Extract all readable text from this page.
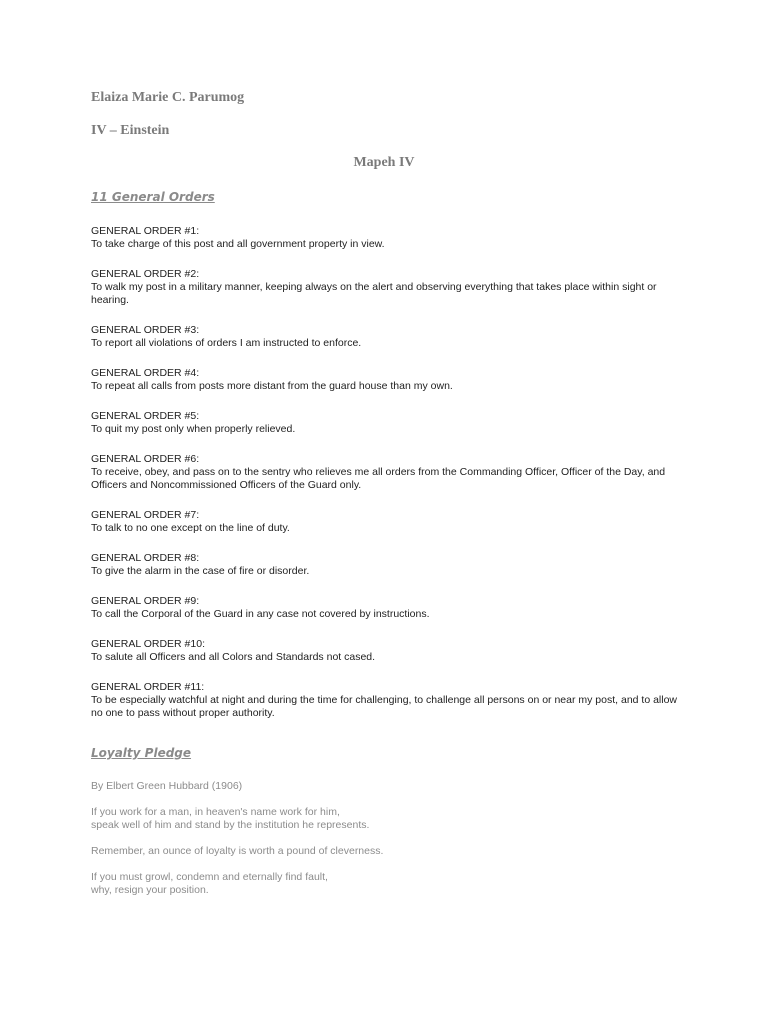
Elaiza Marie C. Parumog

IV – Einstein

Mapeh IV

11 General Orders

GENERAL ORDER #1:
To take charge of this post and all government property in view.
GENERAL ORDER #2:
To walk my post in a military manner, keeping always on the alert and observing everything that takes place within sight or hearing.
GENERAL ORDER #3:
To report all violations of orders I am instructed to enforce.
GENERAL ORDER #4:
To repeat all calls from posts more distant from the guard house than my own.
GENERAL ORDER #5:
To quit my post only when properly relieved.
GENERAL ORDER #6:
To receive, obey, and pass on to the sentry who relieves me all orders from the Commanding Officer, Officer of the Day, and Officers and Noncommissioned Officers of the Guard only.
GENERAL ORDER #7:
To talk to no one except on the line of duty.
GENERAL ORDER #8:
To give the alarm in the case of fire or disorder.
GENERAL ORDER #9:
To call the Corporal of the Guard in any case not covered by instructions.
GENERAL ORDER #10:
To salute all Officers and all Colors and Standards not cased.
GENERAL ORDER #11:
To be especially watchful at night and during the time for challenging, to challenge all persons on or near my post, and to allow no one to pass without proper authority.

Loyalty Pledge

By Elbert Green Hubbard (1906)

If you work for a man, in heaven's name work for him,
speak well of him and stand by the institution he represents.

Remember, an ounce of loyalty is worth a pound of cleverness.

If you must growl, condemn and eternally find fault,
why, resign your position.
